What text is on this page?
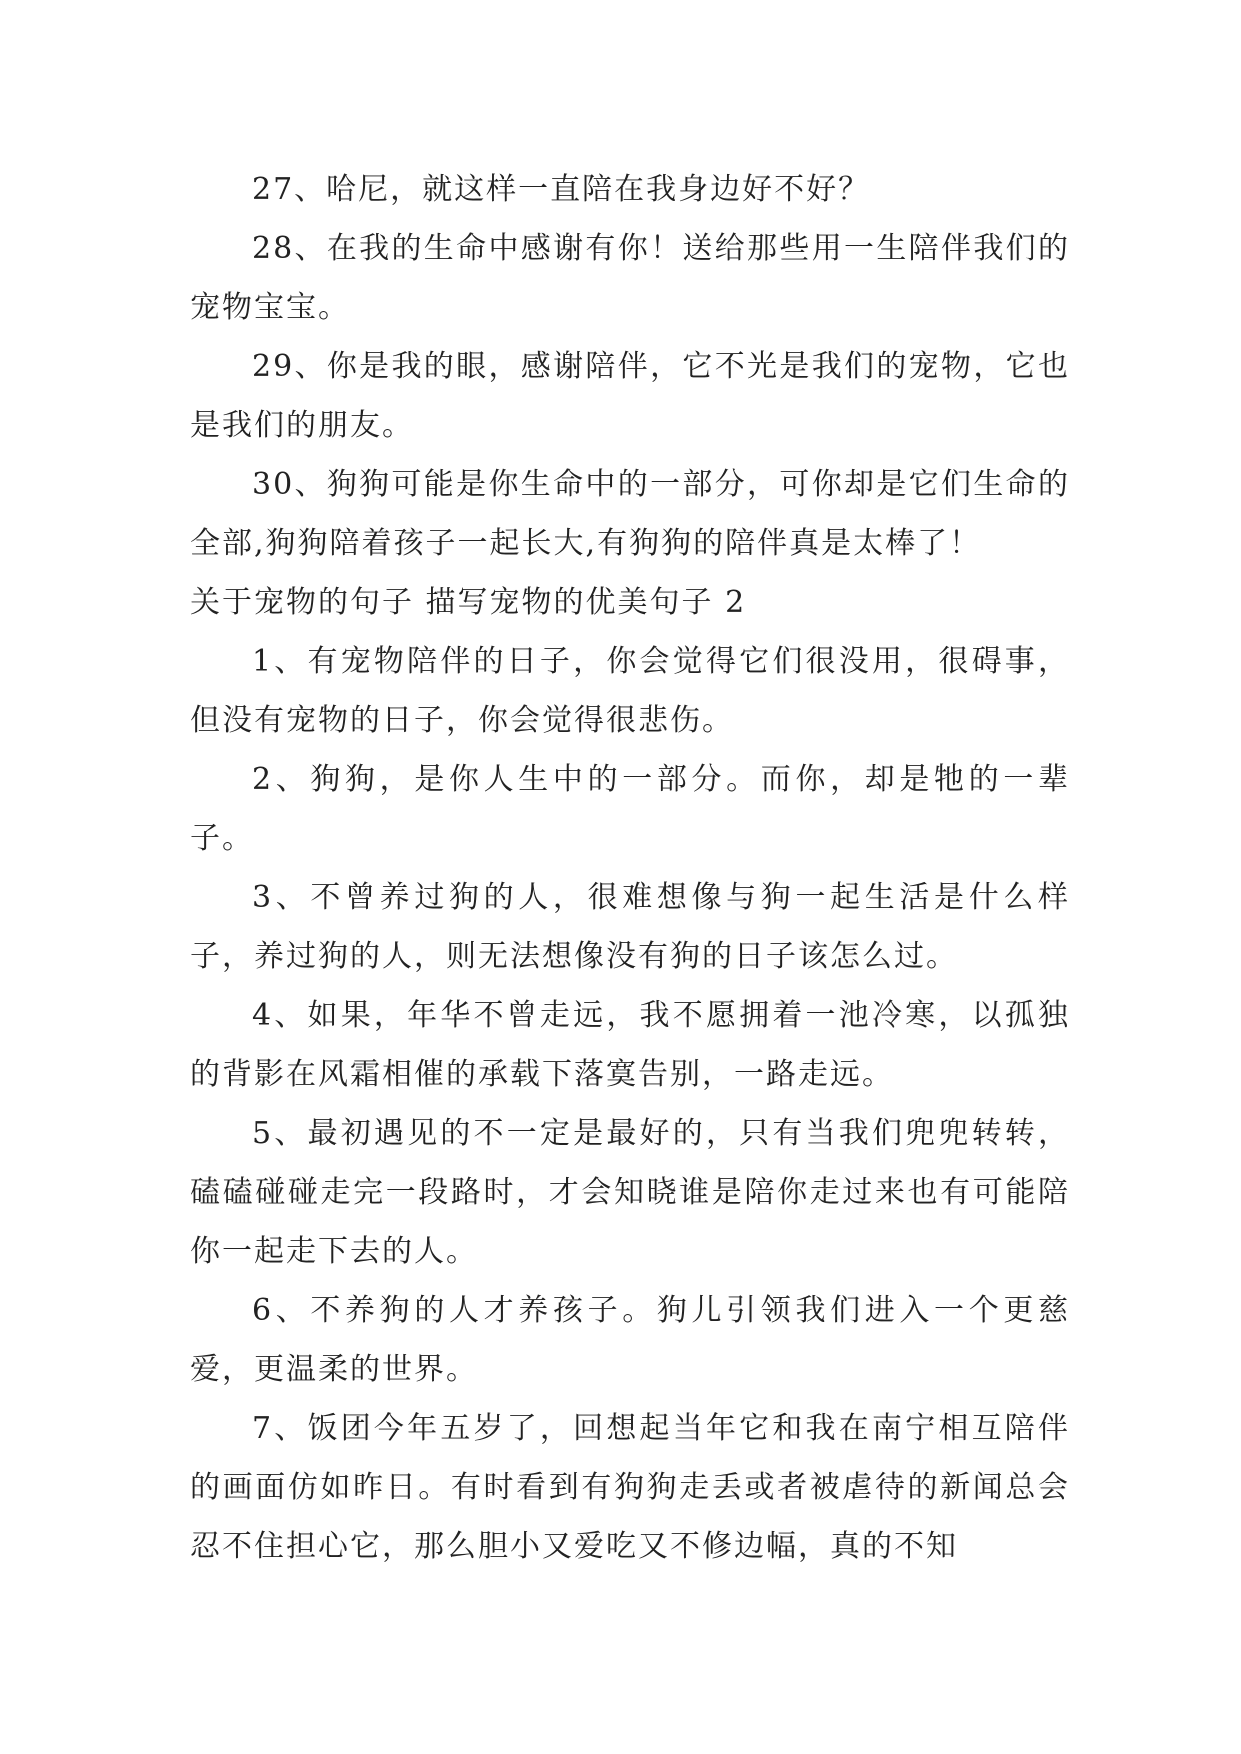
27、哈尼，就这样一直陪在我身边好不好？

28、在我的生命中感谢有你！送给那些用一生陪伴我们的宠物宝宝。

29、你是我的眼，感谢陪伴，它不光是我们的宠物，它也是我们的朋友。

30、狗狗可能是你生命中的一部分，可你却是它们生命的全部,狗狗陪着孩子一起长大,有狗狗的陪伴真是太棒了！

关于宠物的句子 描写宠物的优美句子 2

1、有宠物陪伴的日子，你会觉得它们很没用，很碍事，但没有宠物的日子，你会觉得很悲伤。

2、狗狗，是你人生中的一部分。而你，却是牠的一辈子。

3、不曾养过狗的人，很难想像与狗一起生活是什么样子，养过狗的人，则无法想像没有狗的日子该怎么过。

4、如果，年华不曾走远，我不愿拥着一池冷寒，以孤独的背影在风霜相催的承载下落寞告别，一路走远。

5、最初遇见的不一定是最好的，只有当我们兜兜转转，磕磕碰碰走完一段路时，才会知晓谁是陪你走过来也有可能陪你一起走下去的人。

6、不养狗的人才养孩子。狗儿引领我们进入一个更慈爱，更温柔的世界。

7、饭团今年五岁了，回想起当年它和我在南宁相互陪伴的画面仿如昨日。有时看到有狗狗走丢或者被虐待的新闻总会忍不住担心它，那么胆小又爱吃又不修边幅，真的不知
